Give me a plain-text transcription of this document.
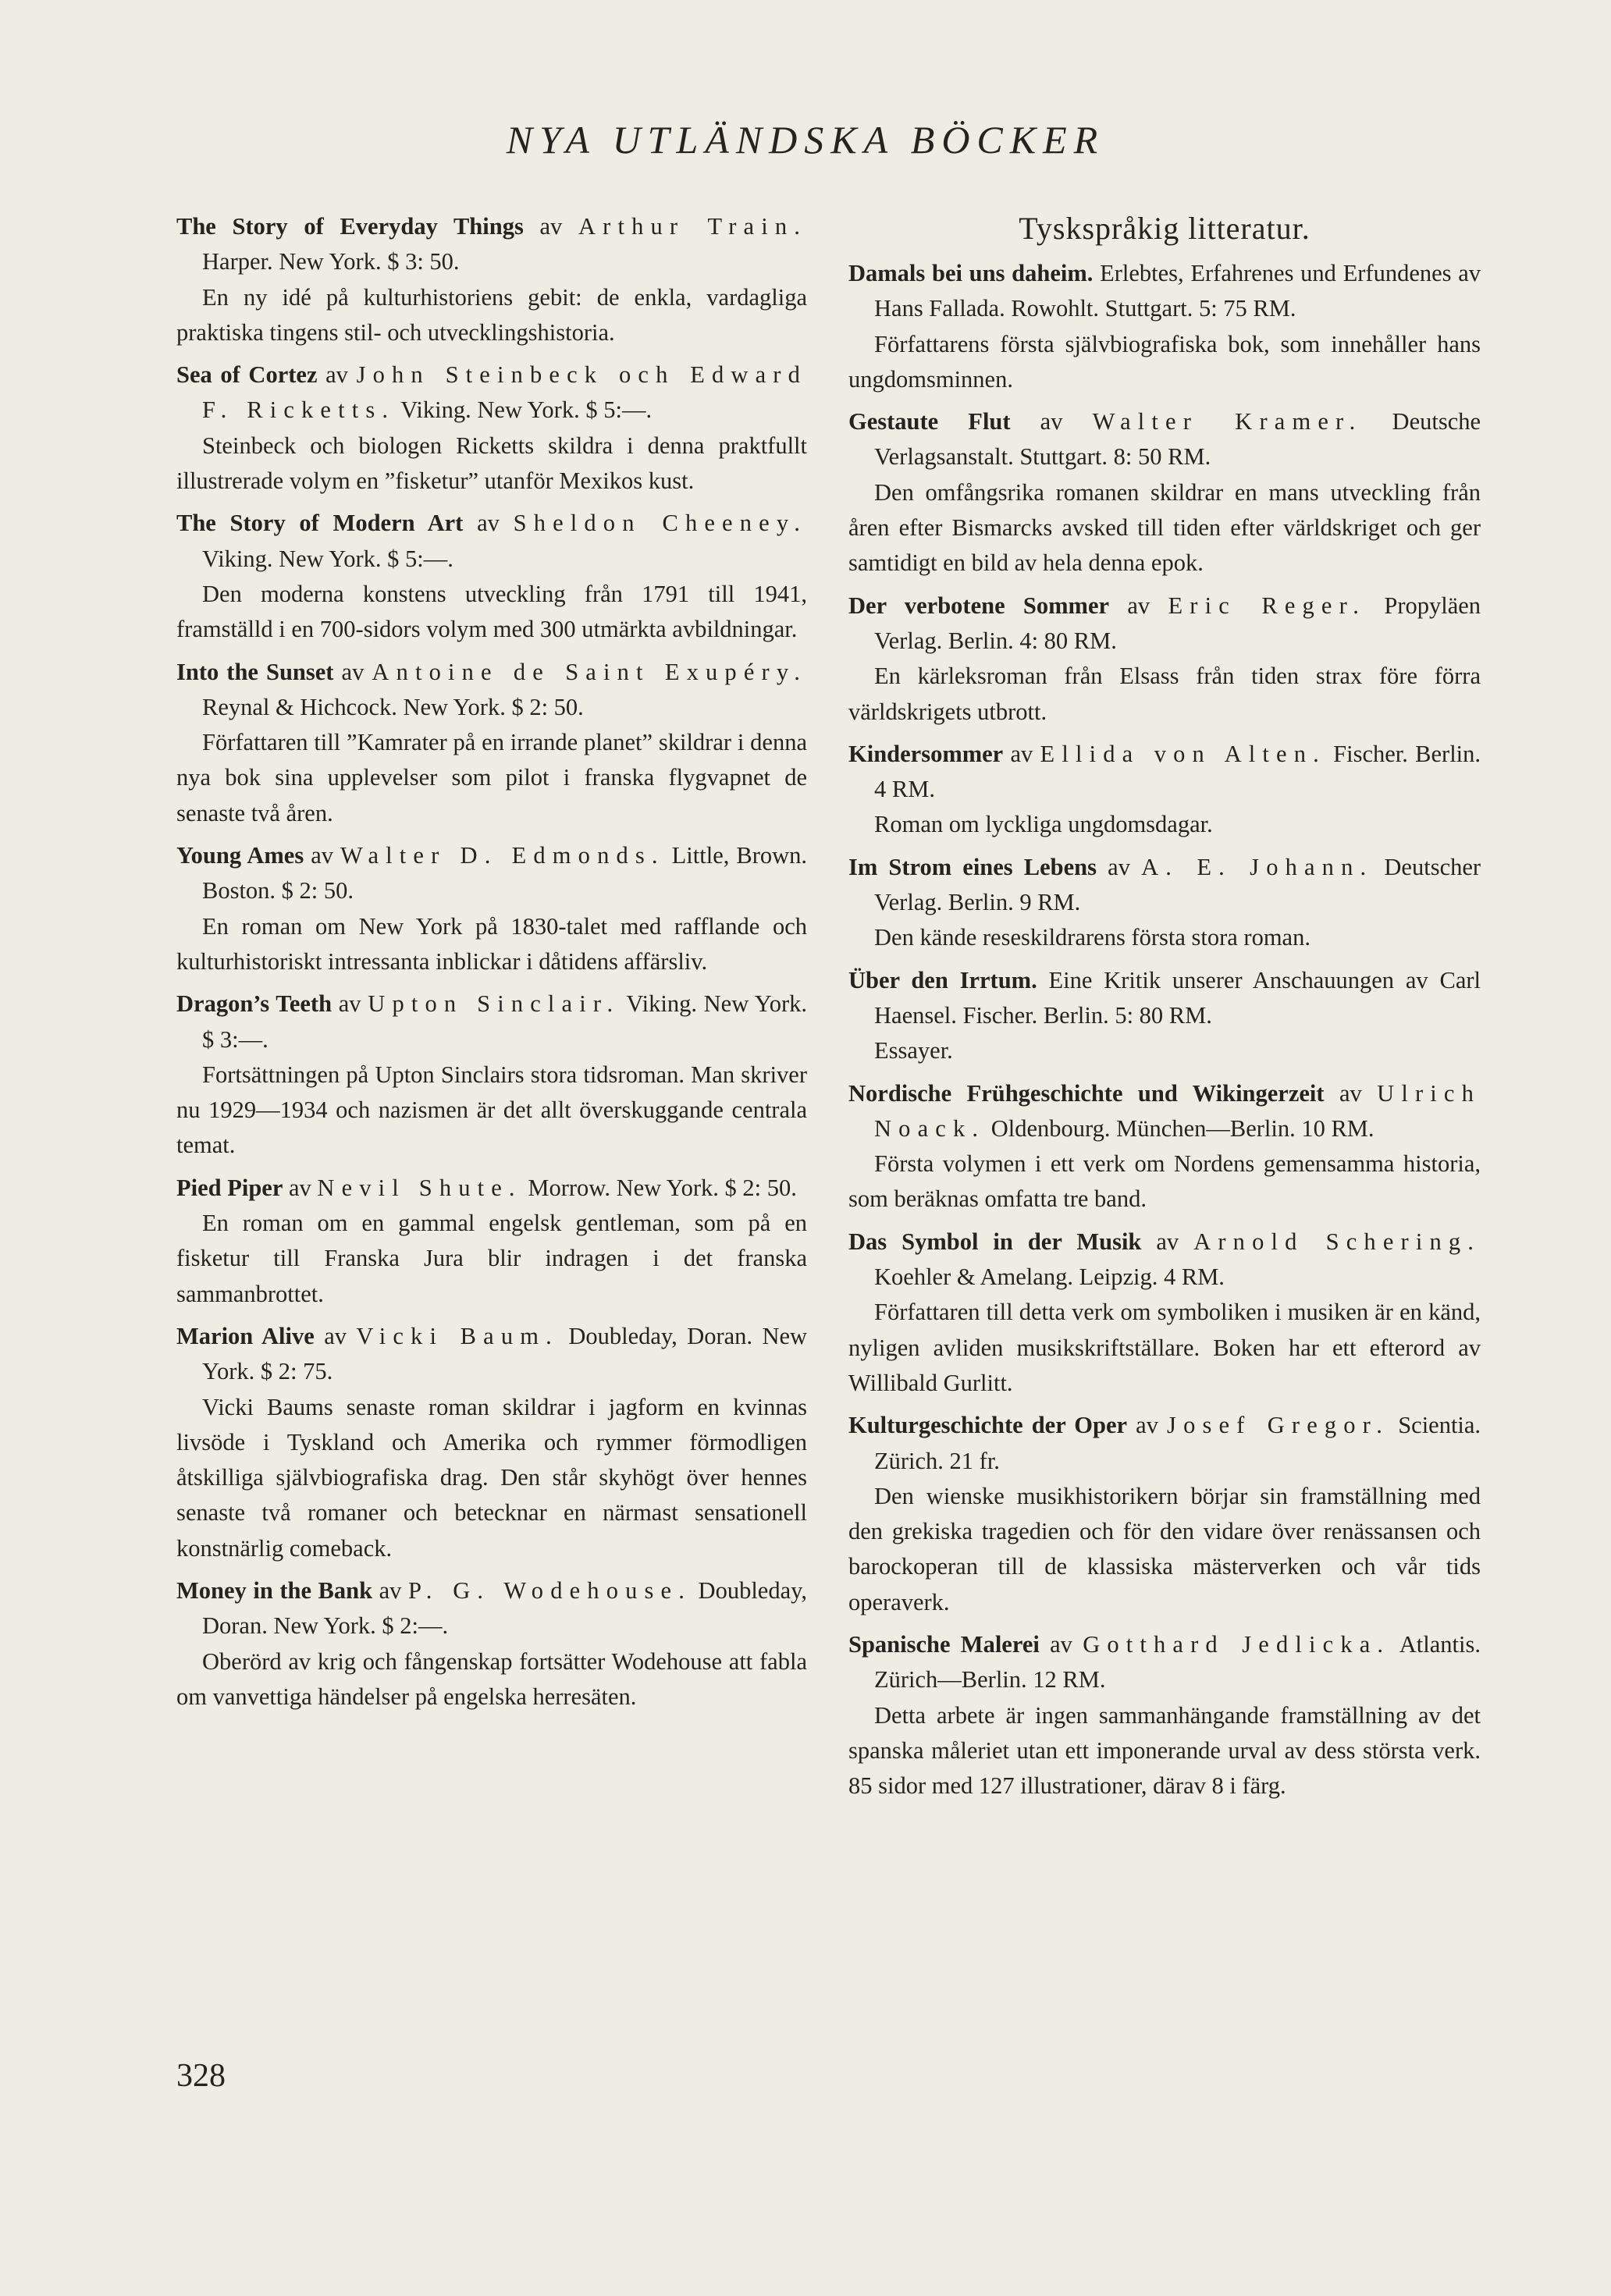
NYA UTLÄNDSKA BÖCKER
The Story of Everyday Things av Arthur Train. Harper. New York. $ 3: 50.
En ny idé på kulturhistoriens gebit: de enkla, vardagliga praktiska tingens stil- och utvecklingshistoria.
Sea of Cortez av John Steinbeck och Edward F. Ricketts. Viking. New York. $ 5:—.
Steinbeck och biologen Ricketts skildra i denna praktfullt illustrerade volym en ”fisketur” utanför Mexikos kust.
The Story of Modern Art av Sheldon Cheeney. Viking. New York. $ 5:—.
Den moderna konstens utveckling från 1791 till 1941, framställd i en 700-sidors volym med 300 utmärkta avbildningar.
Into the Sunset av Antoine de Saint Exupéry. Reynal & Hichcock. New York. $ 2: 50.
Författaren till ”Kamrater på en irrande planet” skildrar i denna nya bok sina upplevelser som pilot i franska flygvapnet de senaste två åren.
Young Ames av Walter D. Edmonds. Little, Brown. Boston. $ 2: 50.
En roman om New York på 1830-talet med rafflande och kulturhistoriskt intressanta inblickar i dåtidens affärsliv.
Dragon’s Teeth av Upton Sinclair. Viking. New York. $ 3:—.
Fortsättningen på Upton Sinclairs stora tidsroman. Man skriver nu 1929—1934 och nazismen är det allt överskuggande centrala temat.
Pied Piper av Nevil Shute. Morrow. New York. $ 2: 50.
En roman om en gammal engelsk gentleman, som på en fisketur till Franska Jura blir indragen i det franska sammanbrottet.
Marion Alive av Vicki Baum. Doubleday, Doran. New York. $ 2: 75.
Vicki Baums senaste roman skildrar i jagform en kvinnas livsöde i Tyskland och Amerika och rymmer förmodligen åtskilliga självbiografiska drag. Den står skyhögt över hennes senaste två romaner och betecknar en närmast sensationell konstnärlig comeback.
Money in the Bank av P. G. Wodehouse. Doubleday, Doran. New York. $ 2:—.
Oberörd av krig och fångenskap fortsätter Wodehouse att fabla om vanvettiga händelser på engelska herresäten.
Tyskspråkig litteratur.
Damals bei uns daheim. Erlebtes, Erfahrenes und Erfundenes av Hans Fallada. Rowohlt. Stuttgart. 5: 75 RM.
Författarens första självbiografiska bok, som innehåller hans ungdomsminnen.
Gestaute Flut av Walter Kramer. Deutsche Verlagsanstalt. Stuttgart. 8: 50 RM.
Den omfångsrika romanen skildrar en mans utveckling från åren efter Bismarcks avsked till tiden efter världskriget och ger samtidigt en bild av hela denna epok.
Der verbotene Sommer av Eric Reger. Propyläen Verlag. Berlin. 4: 80 RM.
En kärleksroman från Elsass från tiden strax före förra världskrigets utbrott.
Kindersommer av Ellida von Alten. Fischer. Berlin. 4 RM.
Roman om lyckliga ungdomsdagar.
Im Strom eines Lebens av A. E. Johann. Deutscher Verlag. Berlin. 9 RM.
Den kände reseskildrarens första stora roman.
Über den Irrtum. Eine Kritik unserer Anschauungen av Carl Haensel. Fischer. Berlin. 5: 80 RM.
Essayer.
Nordische Frühgeschichte und Wikingerzeit av Ulrich Noack. Oldenbourg. München—Berlin. 10 RM.
Första volymen i ett verk om Nordens gemensamma historia, som beräknas omfatta tre band.
Das Symbol in der Musik av Arnold Schering. Koehler & Amelang. Leipzig. 4 RM.
Författaren till detta verk om symboliken i musiken är en känd, nyligen avliden musikskriftställare. Boken har ett efterord av Willibald Gurlitt.
Kulturgeschichte der Oper av Josef Gregor. Scientia. Zürich. 21 fr.
Den wienske musikhistorikern börjar sin framställning med den grekiska tragedien och för den vidare över renässansen och barockoperan till de klassiska mästerverken och vår tids operaverk.
Spanische Malerei av Gotthard Jedlicka. Atlantis. Zürich—Berlin. 12 RM.
Detta arbete är ingen sammanhängande framställning av det spanska måleriet utan ett imponerande urval av dess största verk. 85 sidor med 127 illustrationer, därav 8 i färg.
328
